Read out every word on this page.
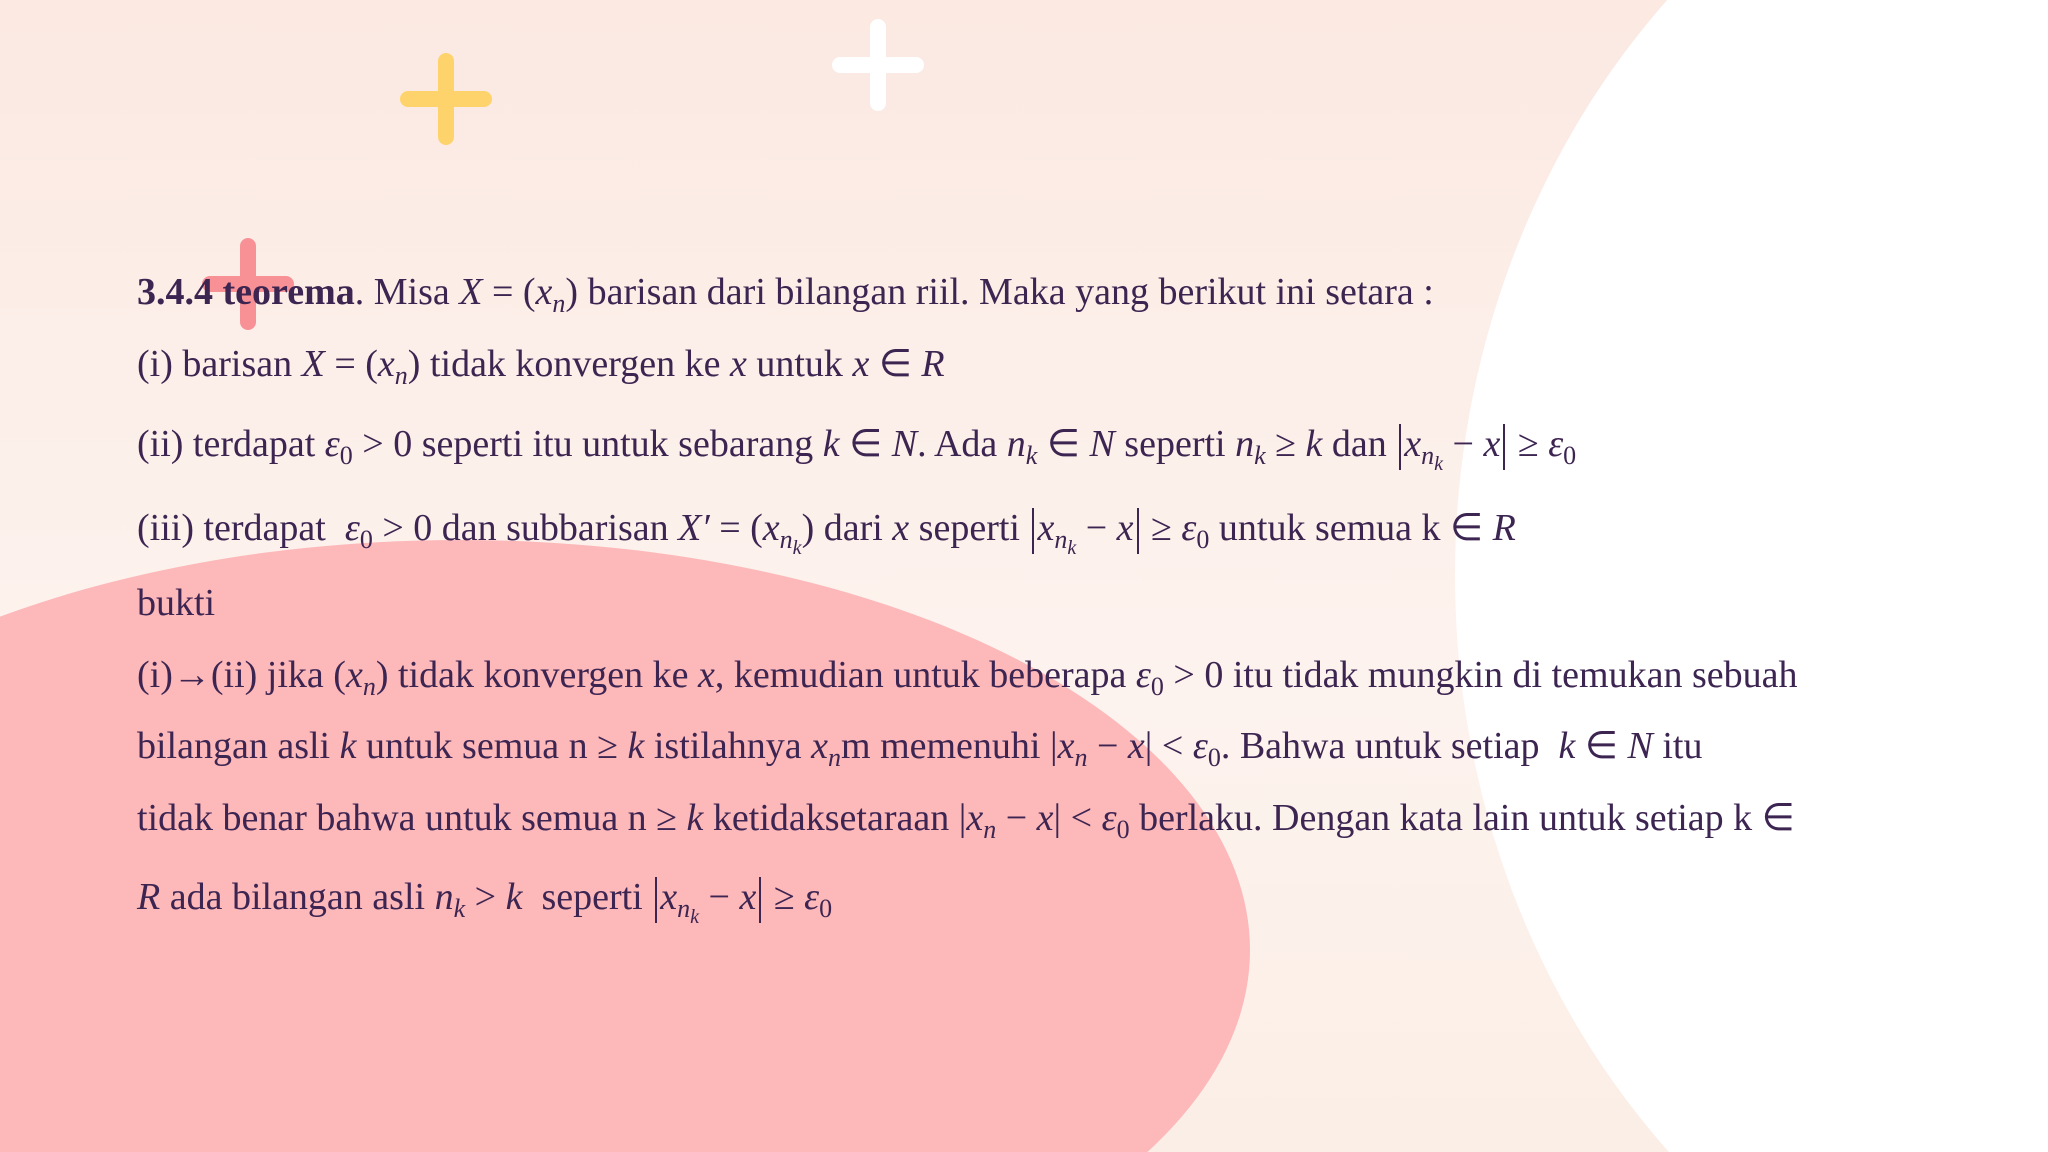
3.4.4 teorema. Misa $X = (x_n)$ barisan dari bilangan riil. Maka yang berikut ini setara :
(i) barisan $X = (x_n)$ tidak konvergen ke x untuk x ∈ R
(ii) terdapat $\varepsilon_0 > 0$ seperti itu untuk sebarang k ∈ N. Ada $n_k$ ∈ N seperti $n_k \ge k$ dan $x_{n_k} - x \ge \varepsilon_0$
(iii) terdapat  $\varepsilon_0 > 0$ dan subbarisan $X' = (x_{n_k})$ dari x seperti $x_{n_k} - x \ge \varepsilon_0$ untuk semua k ∈ R
bukti
(i)→(ii) jika $(x_n)$ tidak konvergen ke x, kemudian untuk beberapa $\varepsilon_0 > 0$ itu tidak mungkin di temukan sebuah
bilangan asli k untuk semua n ≥ k istilahnya $x_nm$ memenuhi $|x_n - x| < \varepsilon_0$. Bahwa untuk setiap  k ∈ N itu
tidak benar bahwa untuk semua n ≥ k ketidaksetaraan $|x_n - x| < \varepsilon_0$ berlaku. Dengan kata lain untuk setiap k ∈
R ada bilangan asli $n_k > k$  seperti $x_{n_k} - x \ge \varepsilon_0$
